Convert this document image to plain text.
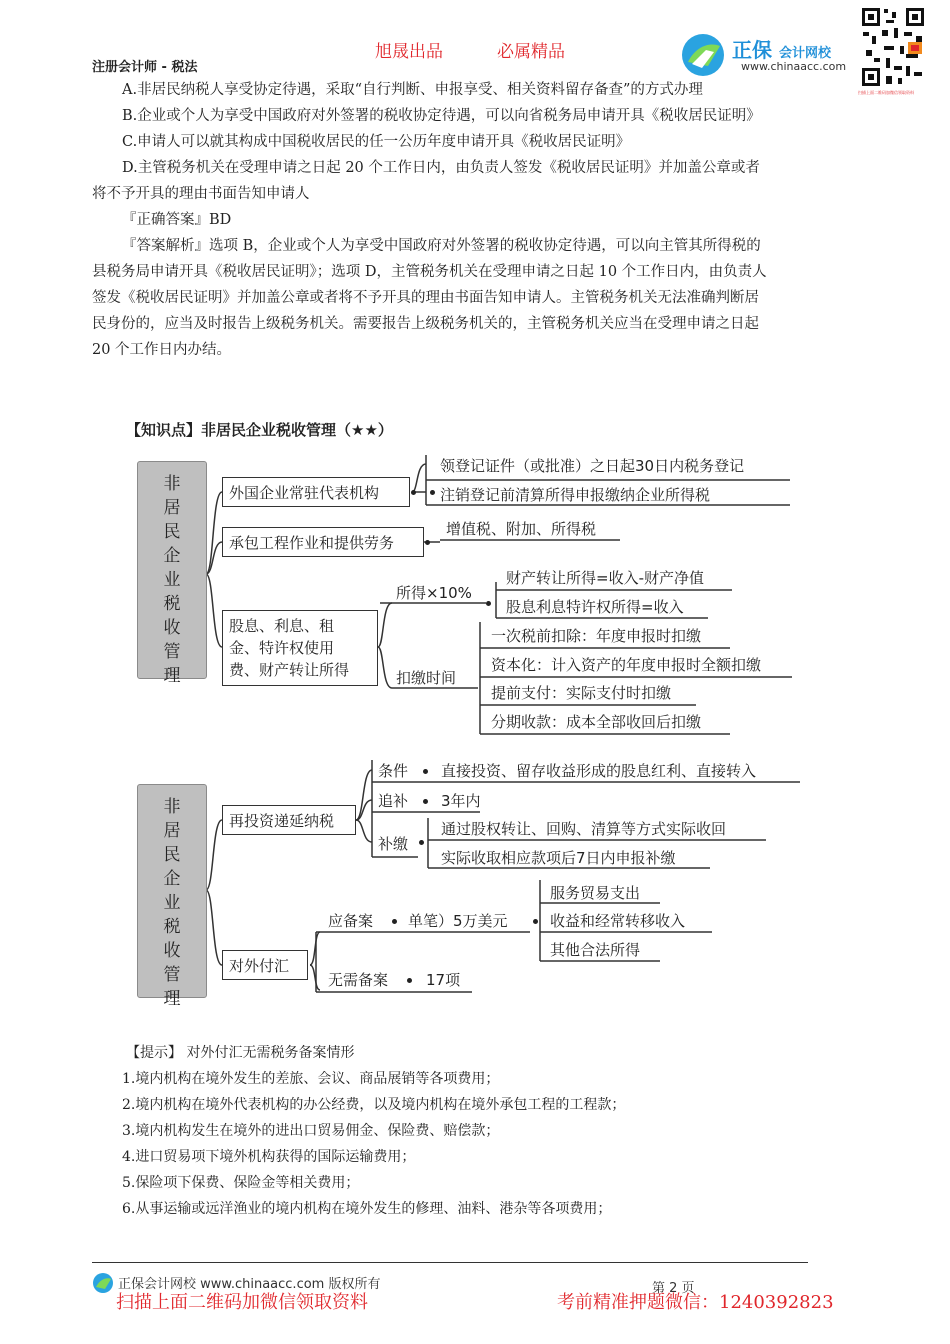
注册会计师 - 税法
旭晟出品	必属精品	正保 会计网校
www.chinaacc.com
扫描上面二维码加微信领取资料
A.非居民纳税人享受协定待遇，采取“自行判断、申报享受、相关资料留存备查”的方式办理
B.企业或个人为享受中国政府对外签署的税收协定待遇，可以向省税务局申请开具《税收居民证明》
C.申请人可以就其构成中国税收居民的任一公历年度申请开具《税收居民证明》
D.主管税务机关在受理申请之日起 20 个工作日内，由负责人签发《税收居民证明》并加盖公章或者
将不予开具的理由书面告知申请人
『正确答案』BD
『答案解析』选项 B，企业或个人为享受中国政府对外签署的税收协定待遇，可以向主管其所得税的
县税务局申请开具《税收居民证明》；选项 D，主管税务机关在受理申请之日起 10 个工作日内，由负责人
签发《税收居民证明》并加盖公章或者将不予开具的理由书面告知申请人。主管税务机关无法准确判断居
民身份的，应当及时报告上级税务机关。需要报告上级税务机关的，主管税务机关应当在受理申请之日起
20 个工作日内办结。
【知识点】非居民企业税收管理（★★）
非居民企业税收管理
外国企业常驻代表机构
领登记证件（或批准）之日起30日内税务登记
注销登记前清算所得申报缴纳企业所得税
承包工程作业和提供劳务
增值税、附加、所得税
股息、利息、租
金、特许权使用
费、财产转让所得
所得×10%
财产转让所得=收入-财产净值
股息利息特许权所得=收入
扣缴时间
一次税前扣除：年度申报时扣缴
资本化：计入资产的年度申报时全额扣缴
提前支付：实际支付时扣缴
分期收款：成本全部收回后扣缴
非居民企业税收管理
再投资递延纳税
条件 直接投资、留存收益形成的股息红利、直接转入
追补 3年内
补缴
通过股权转让、回购、清算等方式实际收回
实际收取相应款项后7日内申报补缴
对外付汇
应备案 单笔）5万美元
服务贸易支出
收益和经常转移收入
其他合法所得
无需备案	17项
【提示】 对外付汇无需税务备案情形
1.境内机构在境外发生的差旅、会议、商品展销等各项费用；
2.境内机构在境外代表机构的办公经费，以及境内机构在境外承包工程的工程款；
3.境内机构发生在境外的进出口贸易佣金、保险费、赔偿款；
4.进口贸易项下境外机构获得的国际运输费用；
5.保险项下保费、保险金等相关费用；
6.从事运输或远洋渔业的境内机构在境外发生的修理、油料、港杂等各项费用；
正保会计网校 www.chinaacc.com 版权所有	第 2 页
扫描上面二维码加微信领取资料	考前精准押题微信：1240392823
